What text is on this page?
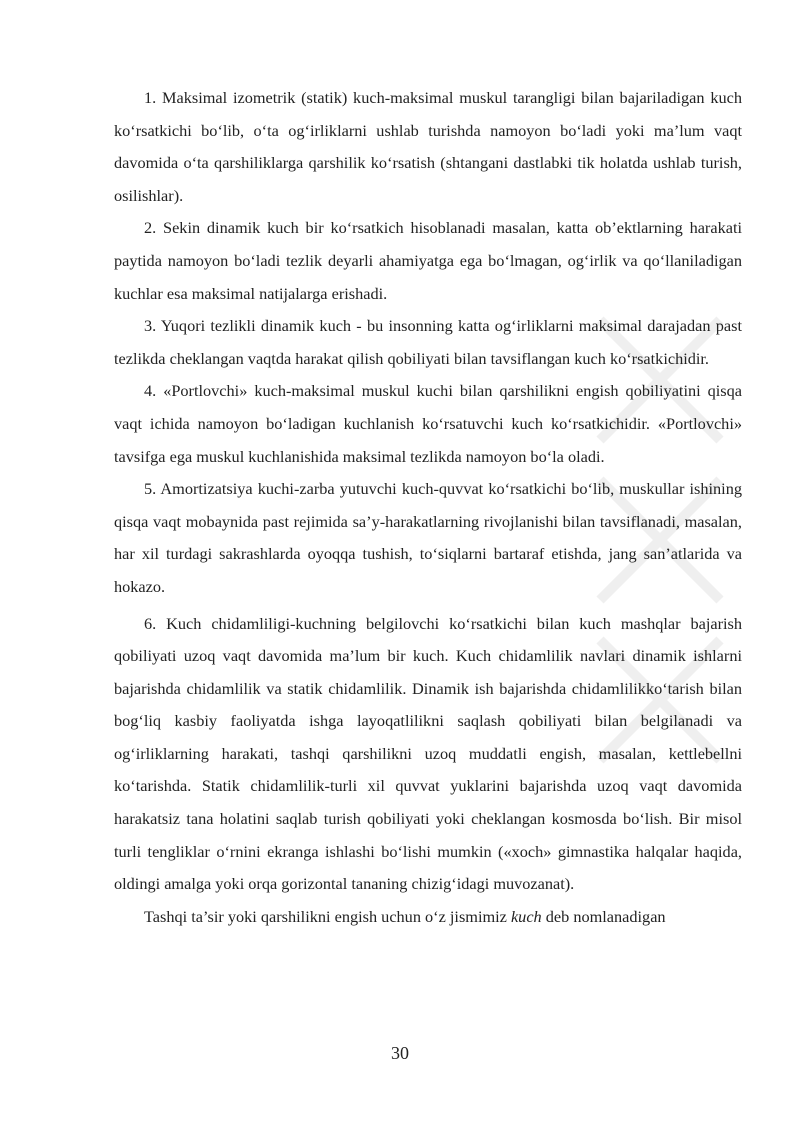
1. Maksimal izometrik (statik) kuch-maksimal muskul tarangligi bilan bajariladigan kuch ko‘rsatkichi bo‘lib, o‘ta og‘irliklarni ushlab turishda namoyon bo‘ladi yoki ma’lum vaqt davomida o‘ta qarshiliklarga qarshilik ko‘rsatish (shtangani dastlabki tik holatda ushlab turish, osilishlar).

2. Sekin dinamik kuch bir ko‘rsatkich hisoblanadi masalan, katta ob’ektlarning harakati paytida namoyon bo‘ladi tezlik deyarli ahamiyatga ega bo‘lmagan, og‘irlik va qo‘llaniladigan kuchlar esa maksimal natijalarga erishadi.

3. Yuqori tezlikli dinamik kuch - bu insonning katta og‘irliklarni maksimal darajadan past tezlikda cheklangan vaqtda harakat qilish qobiliyati bilan tavsiflangan kuch ko‘rsatkichidir.

4. «Portlovchi» kuch-maksimal muskul kuchi bilan qarshilikni engish qobiliyatini qisqa vaqt ichida namoyon bo‘ladigan kuchlanish ko‘rsatuvchi kuch ko‘rsatkichidir. «Portlovchi» tavsifga ega muskul kuchlanishida maksimal tezlikda namoyon bo‘la oladi.

5. Amortizatsiya kuchi-zarba yutuvchi kuch-quvvat ko‘rsatkichi bo‘lib, muskullar ishining qisqa vaqt mobaynida past rejimida sa’y-harakatlarning rivojlanishi bilan tavsiflanadi, masalan, har xil turdagi sakrashlarda oyoqqa tushish, to‘siqlarni bartaraf etishda, jang san’atlarida va hokazo.

6. Kuch chidamliligi-kuchning belgilovchi ko‘rsatkichi bilan kuch mashqlar bajarish qobiliyati uzoq vaqt davomida ma’lum bir kuch. Kuch chidamlilik navlari dinamik ishlarni bajarishda chidamlilik va statik chidamlilik. Dinamik ish bajarishda chidamlilikko‘tarish bilan bog‘liq kasbiy faoliyatda ishga layoqatlilikni saqlash qobiliyati bilan belgilanadi va og‘irliklarning harakati, tashqi qarshilikni uzoq muddatli engish, masalan, kettlebellni ko‘tarishda. Statik chidamlilik-turli xil quvvat yuklarini bajarishda uzoq vaqt davomida harakatsiz tana holatini saqlab turish qobiliyati yoki cheklangan kosmosda bo‘lish. Bir misol turli tengliklar o‘rnini ekranga ishlashi bo‘lishi mumkin («xoch» gimnastika halqalar haqida, oldingi amalga yoki orqa gorizontal tananing chizig‘idagi muvozanat).

Tashqi ta’sir yoki qarshilikni engish uchun o‘z jismimiz kuch deb nomlanadigan

30
